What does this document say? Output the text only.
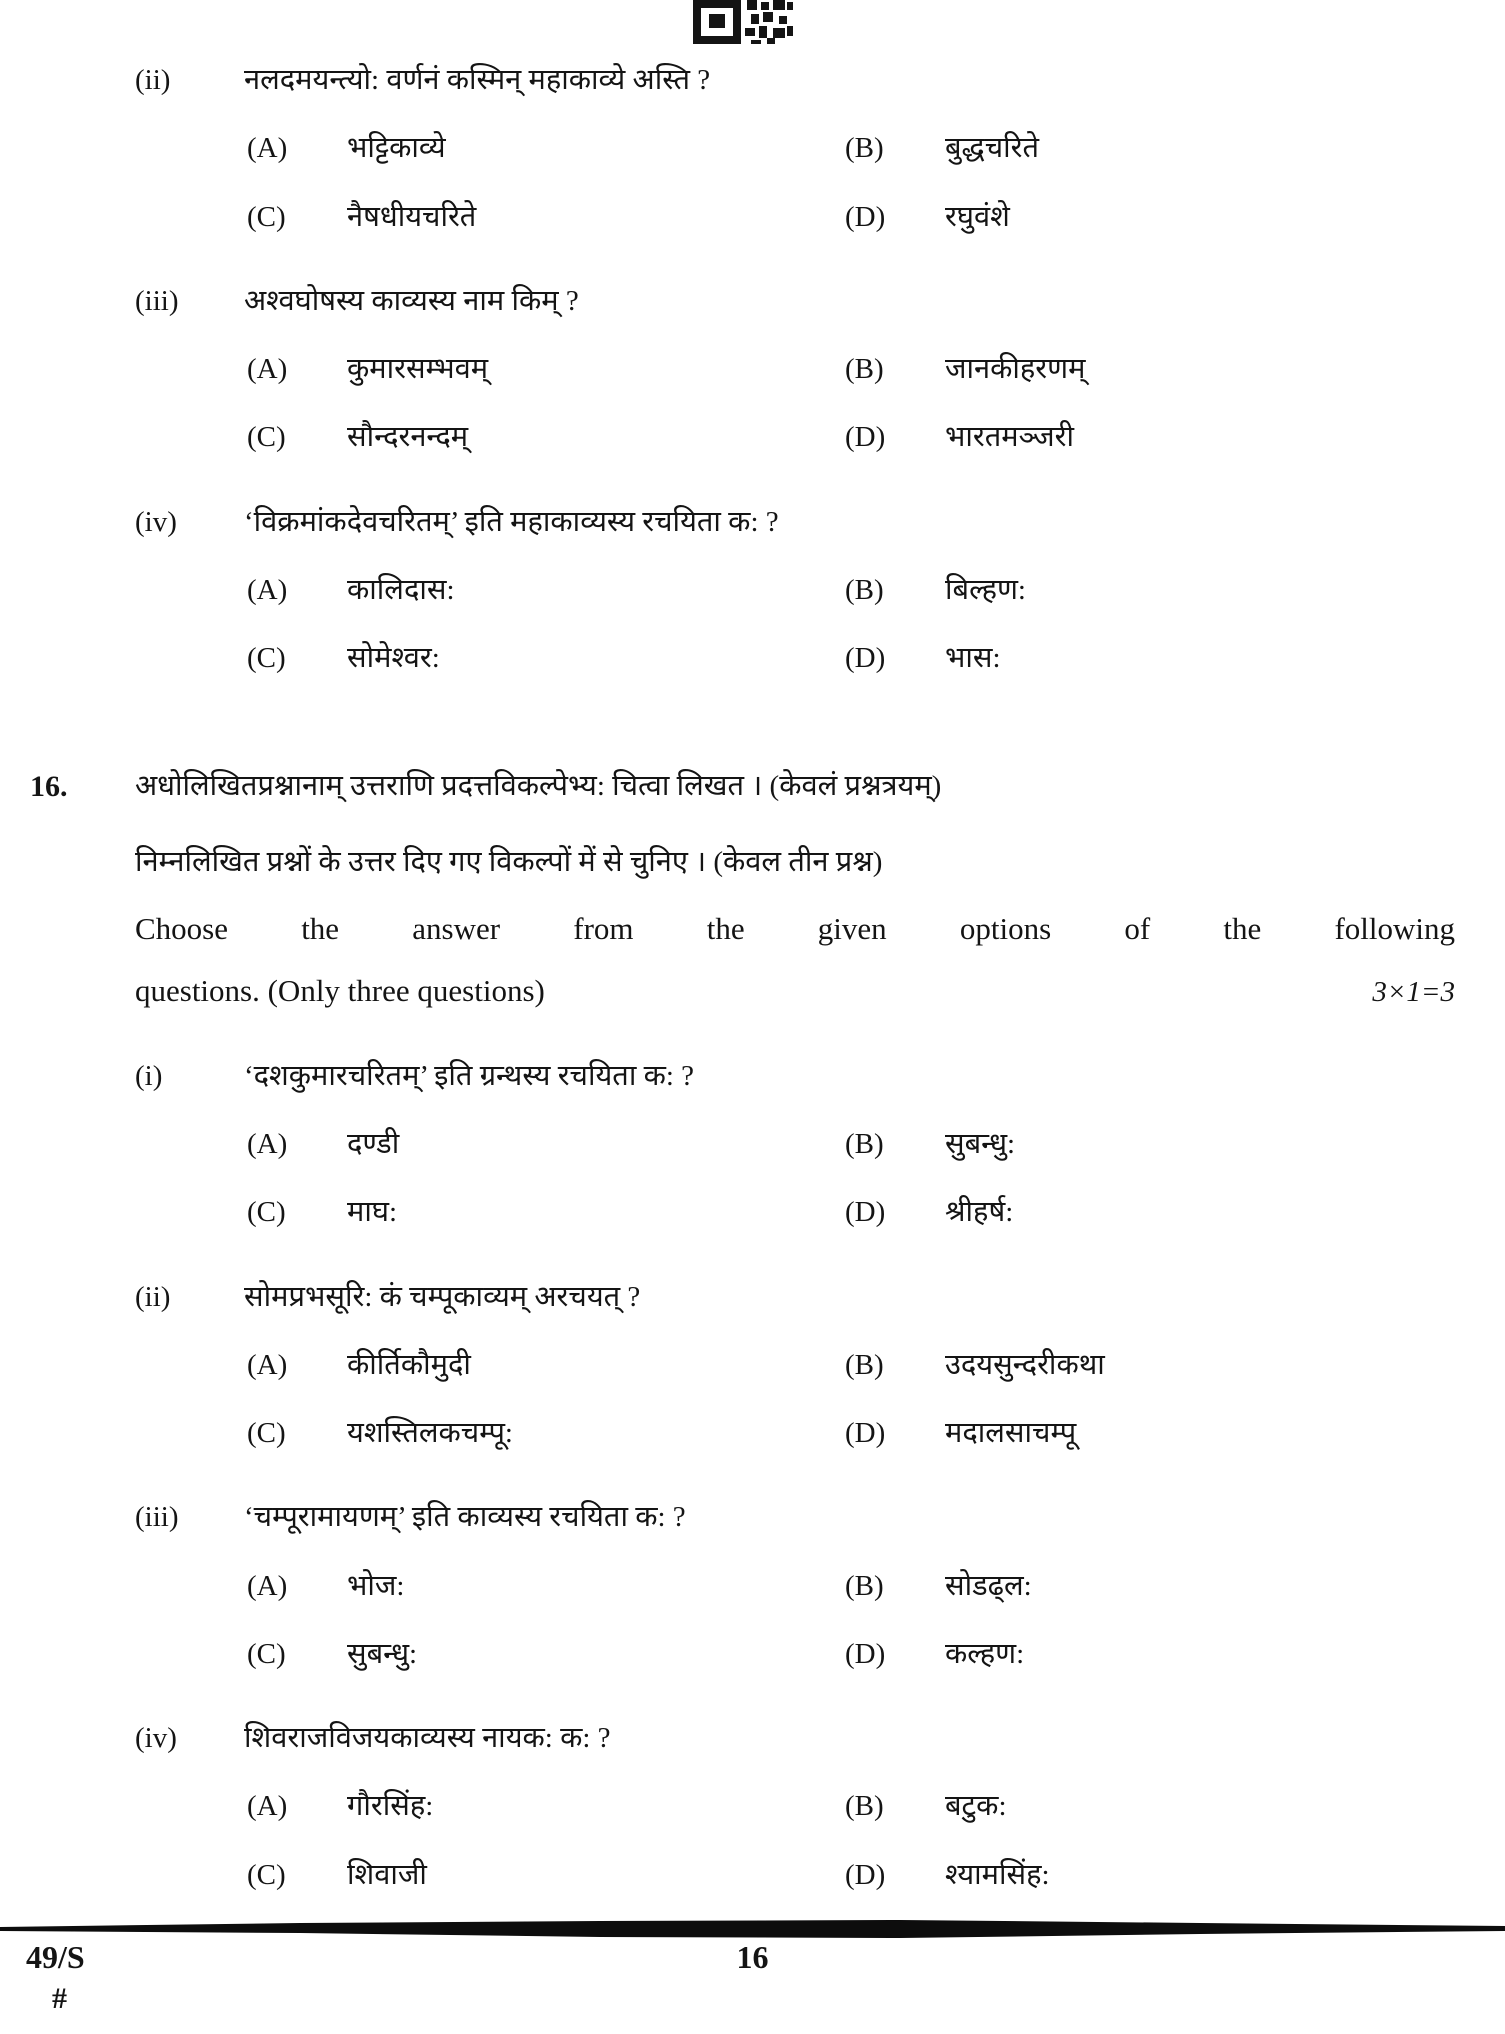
(ii)	नलदमयन्त्यो: वर्णनं कस्मिन् महाकाव्ये अस्ति ?
(A)	भट्टिकाव्ये	(B)	बुद्धचरिते
(C)	नैषधीयचरिते	(D)	रघुवंशे
(iii)	अश्वघोषस्य काव्यस्य नाम किम् ?
(A)	कुमारसम्भवम्	(B)	जानकीहरणम्
(C)	सौन्दरनन्दम्	(D)	भारतमञ्जरी
(iv)	‘विक्रमांकदेवचरितम्’ इति महाकाव्यस्य रचयिता क: ?
(A)	कालिदास:	(B)	बिल्हण:
(C)	सोमेश्वर:	(D)	भास:
16.	अधोलिखितप्रश्नानाम् उत्तराणि प्रदत्तविकल्पेभ्य: चित्वा लिखत । (केवलं प्रश्नत्रयम्)
निम्नलिखित प्रश्नों के उत्तर दिए गए विकल्पों में से चुनिए । (केवल तीन प्रश्न)
Choose the answer from the given options of the following
questions. (Only three questions)	3×1=3
(i)	‘दशकुमारचरितम्’ इति ग्रन्थस्य रचयिता क: ?
(A)	दण्डी	(B)	सुबन्धु:
(C)	माघ:	(D)	श्रीहर्ष:
(ii)	सोमप्रभसूरि: कं चम्पूकाव्यम् अरचयत् ?
(A)	कीर्तिकौमुदी	(B)	उदयसुन्दरीकथा
(C)	यशस्तिलकचम्पू:	(D)	मदालसाचम्पू
(iii)	‘चम्पूरामायणम्’ इति काव्यस्य रचयिता क: ?
(A)	भोज:	(B)	सोडढ्ल:
(C)	सुबन्धु:	(D)	कल्हण:
(iv)	शिवराजविजयकाव्यस्य नायक: क: ?
(A)	गौरसिंह:	(B)	बटुक:
(C)	शिवाजी	(D)	श्यामसिंह:
49/S
#
16
